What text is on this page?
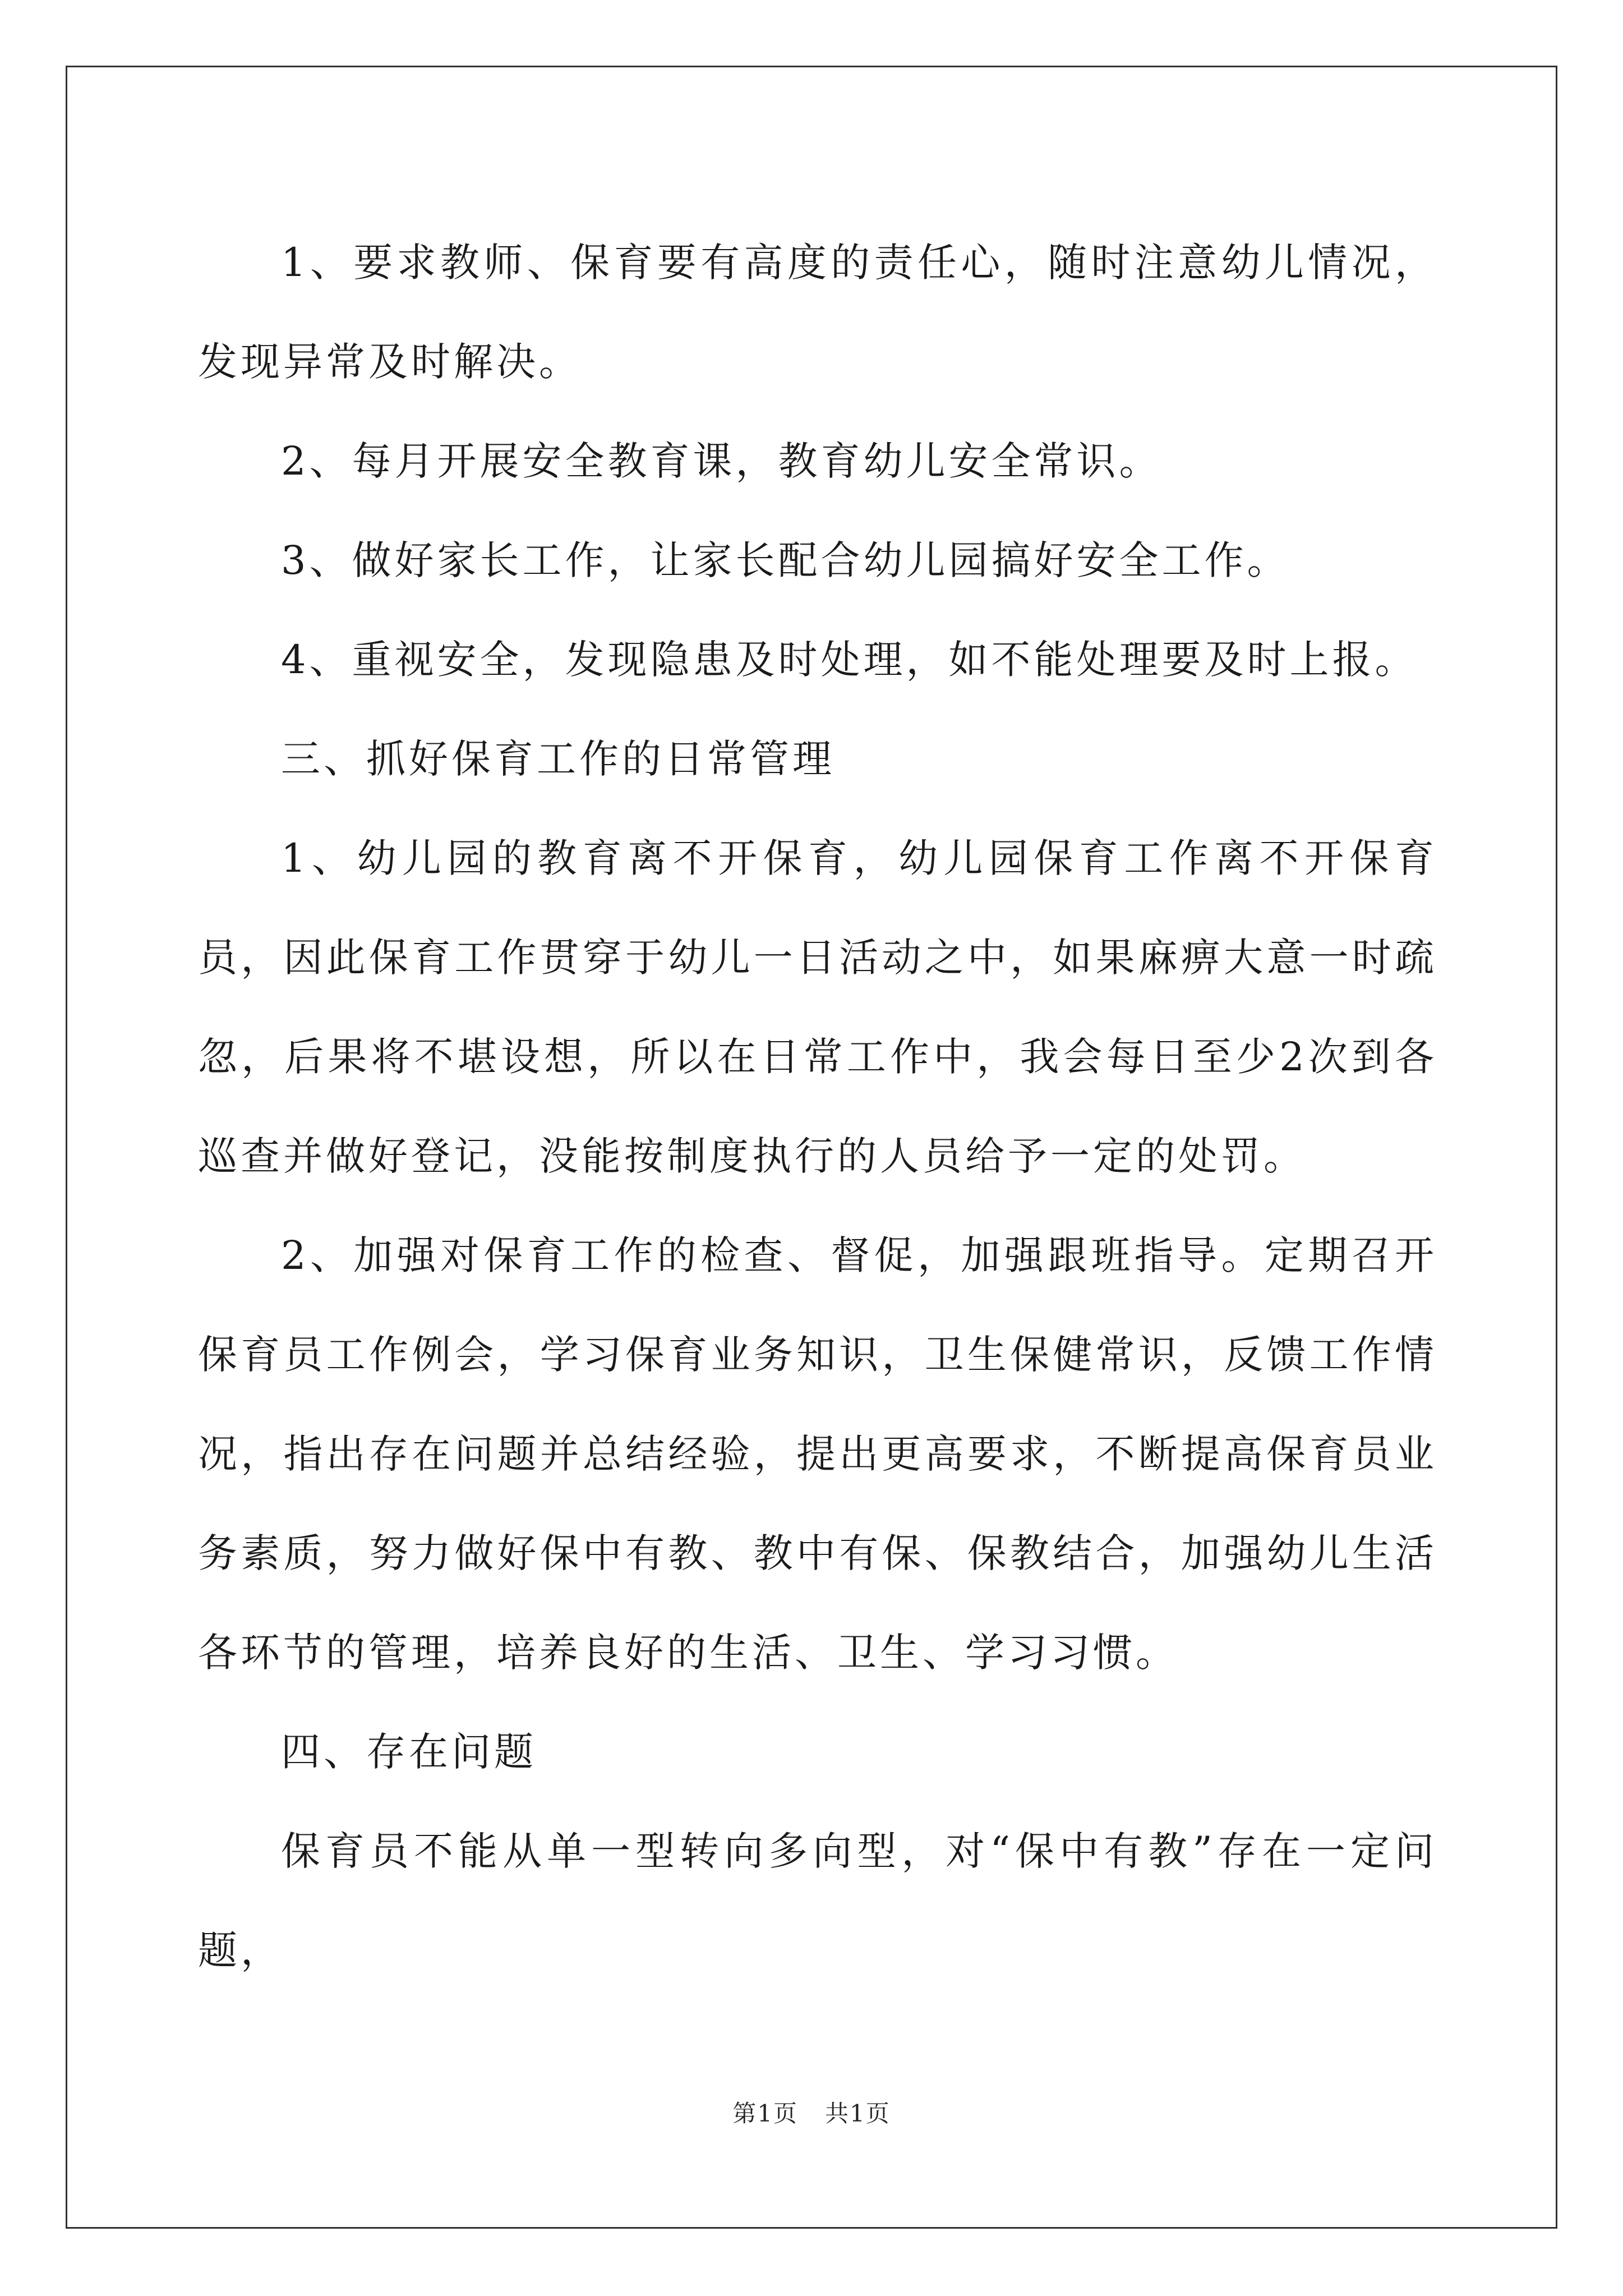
1、要求教师、保育要有高度的责任心，随时注意幼儿情况，发现异常及时解决。

2、每月开展安全教育课，教育幼儿安全常识。

3、做好家长工作，让家长配合幼儿园搞好安全工作。

4、重视安全，发现隐患及时处理，如不能处理要及时上报。

三、抓好保育工作的日常管理

1、幼儿园的教育离不开保育，幼儿园保育工作离不开保育员，因此保育工作贯穿于幼儿一日活动之中，如果麻痹大意一时疏忽，后果将不堪设想，所以在日常工作中，我会每日至少2次到各巡查并做好登记，没能按制度执行的人员给予一定的处罚。

2、加强对保育工作的检查、督促，加强跟班指导。定期召开保育员工作例会，学习保育业务知识，卫生保健常识，反馈工作情况，指出存在问题并总结经验，提出更高要求，不断提高保育员业务素质，努力做好保中有教、教中有保、保教结合，加强幼儿生活各环节的管理，培养良好的生活、卫生、学习习惯。

四、存在问题

保育员不能从单一型转向多向型，对“保中有教”存在一定问题，

第1页 共1页
